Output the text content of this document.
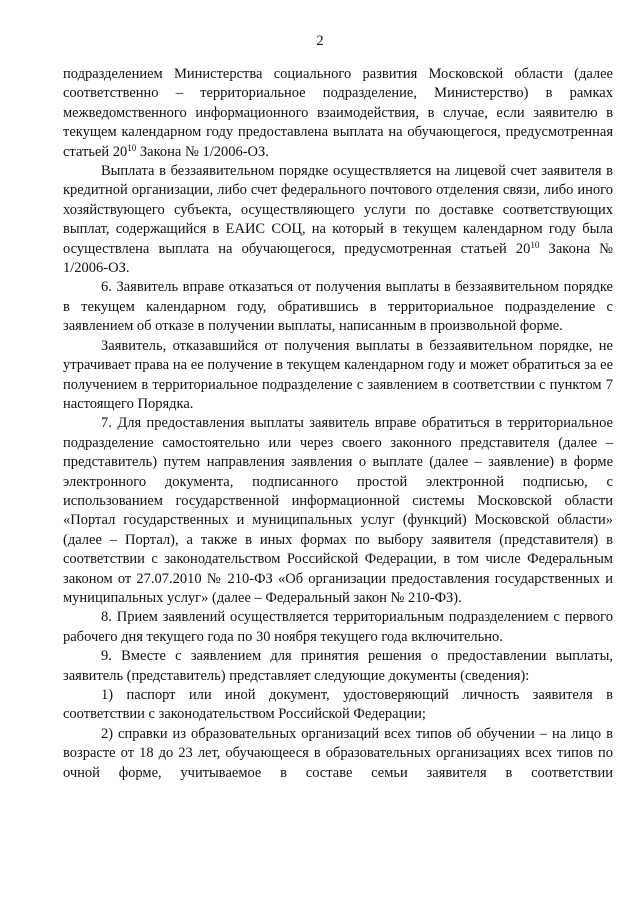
2

подразделением Министерства социального развития Московской области (далее соответственно – территориальное подразделение, Министерство) в рамках межведомственного информационного взаимодействия, в случае, если заявителю в текущем календарном году предоставлена выплата на обучающегося, предусмотренная статьей $20^{10}$ Закона № 1/2006-ОЗ.

Выплата в беззаявительном порядке осуществляется на лицевой счет заявителя в кредитной организации, либо счет федерального почтового отделения связи, либо иного хозяйствующего субъекта, осуществляющего услуги по доставке соответствующих выплат, содержащийся в ЕАИС СОЦ, на который в текущем календарном году была осуществлена выплата на обучающегося, предусмотренная статьей $20^{10}$ Закона № 1/2006-ОЗ.

6. Заявитель вправе отказаться от получения выплаты в беззаявительном порядке в текущем календарном году, обратившись в территориальное подразделение с заявлением об отказе в получении выплаты, написанным в произвольной форме.

Заявитель, отказавшийся от получения выплаты в беззаявительном порядке, не утрачивает права на ее получение в текущем календарном году и может обратиться за ее получением в территориальное подразделение с заявлением в соответствии с пунктом 7 настоящего Порядка.

7. Для предоставления выплаты заявитель вправе обратиться в территориальное подразделение самостоятельно или через своего законного представителя (далее – представитель) путем направления заявления о выплате (далее – заявление) в форме электронного документа, подписанного простой электронной подписью, с использованием государственной информационной системы Московской области «Портал государственных и муниципальных услуг (функций) Московской области» (далее – Портал), а также в иных формах по выбору заявителя (представителя) в соответствии с законодательством Российской Федерации, в том числе Федеральным законом от 27.07.2010 № 210-ФЗ «Об организации предоставления государственных и муниципальных услуг» (далее – Федеральный закон № 210-ФЗ).

8. Прием заявлений осуществляется территориальным подразделением с первого рабочего дня текущего года по 30 ноября текущего года включительно.

9. Вместе с заявлением для принятия решения о предоставлении выплаты, заявитель (представитель) представляет следующие документы (сведения):

1) паспорт или иной документ, удостоверяющий личность заявителя в соответствии с законодательством Российской Федерации;

2) справки из образовательных организаций всех типов об обучении – на лицо в возрасте от 18 до 23 лет, обучающееся в образовательных организациях всех типов по очной форме, учитываемое в составе семьи заявителя в соответствии
